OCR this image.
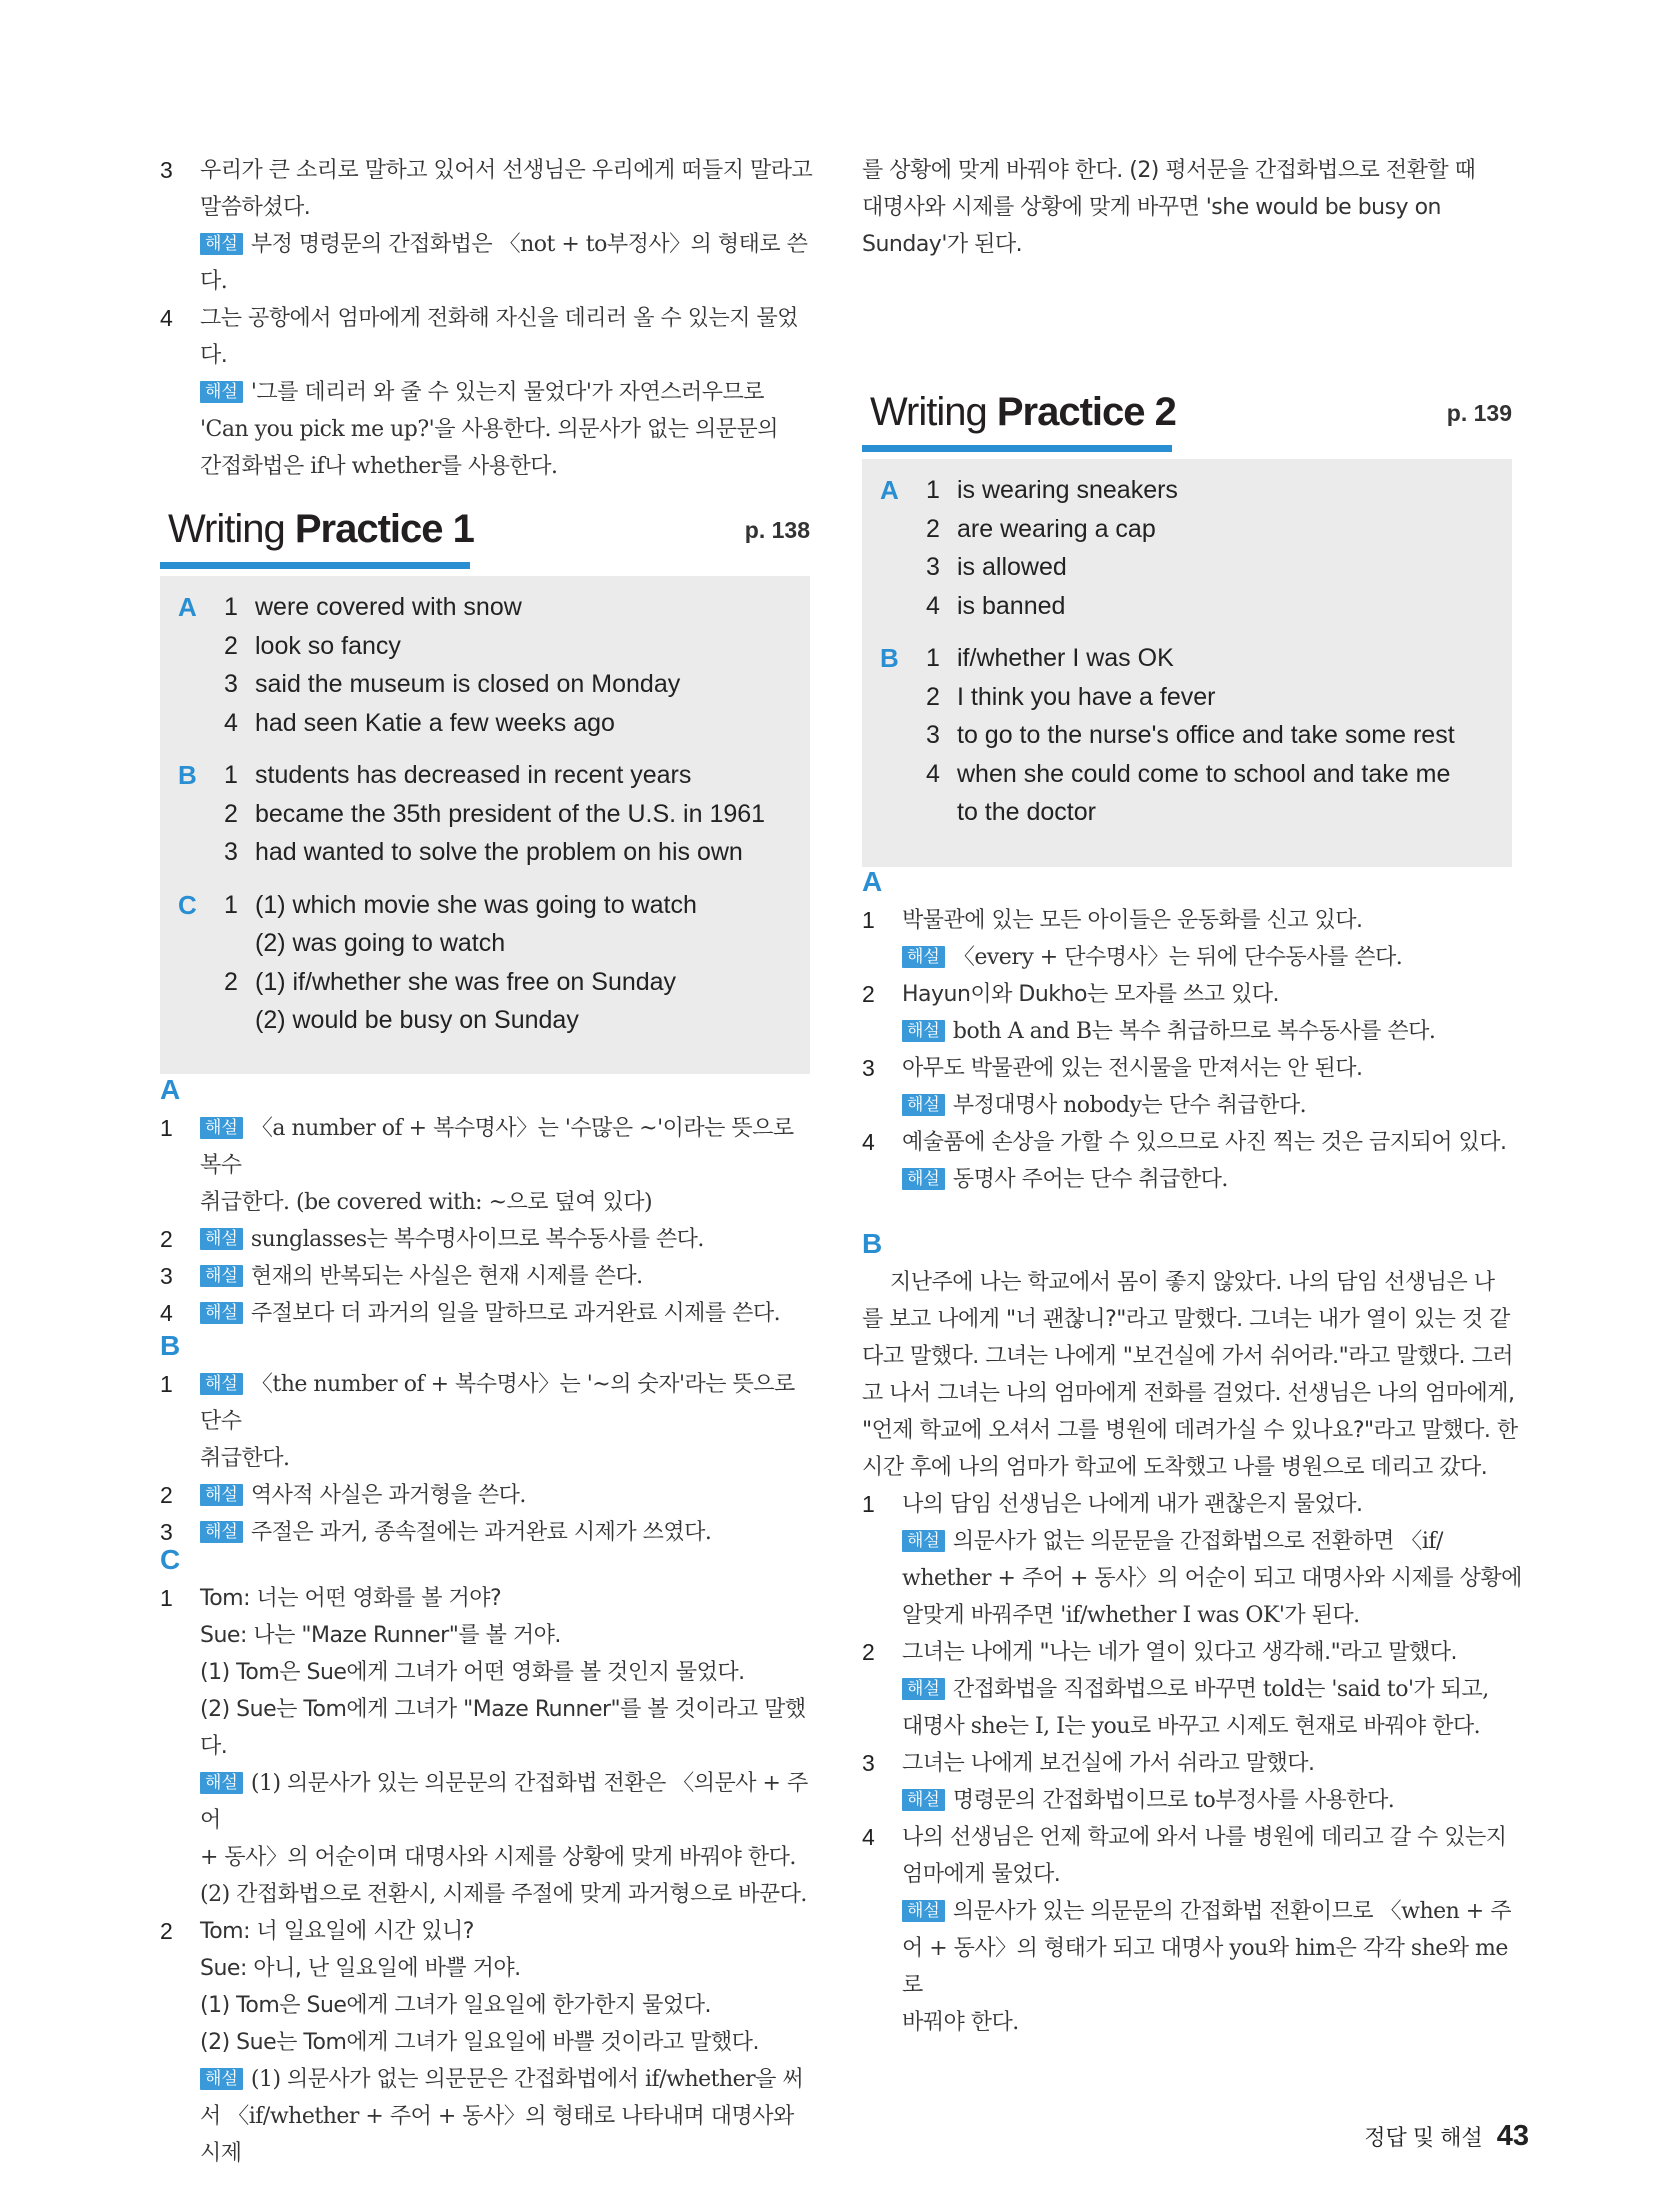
3 우리가 큰 소리로 말하고 있어서 선생님은 우리에게 떠들지 말라고
말씀하셨다.
해설 부정 명령문의 간접화법은 〈not + to부정사〉의 형태로 쓴다.
4 그는 공항에서 엄마에게 전화해 자신을 데리러 올 수 있는지 물었다.
해설 '그를 데리러 와 줄 수 있는지 물었다'가 자연스러우므로
'Can you pick me up?'을 사용한다. 의문사가 없는 의문문의
간접화법은 if나 whether를 사용한다.
Writing Practice 1	p. 138
A 1 were covered with snow
2 look so fancy
3 said the museum is closed on Monday
4 had seen Katie a few weeks ago
B 1 students has decreased in recent years
2 became the 35th president of the U.S. in 1961
3 had wanted to solve the problem on his own
C 1 (1) which movie she was going to watch
(2) was going to watch
2 (1) if/whether she was free on Sunday
(2) would be busy on Sunday
A
1 해설 〈a number of + 복수명사〉는 '수많은 ~'이라는 뜻으로 복수
취급한다. (be covered with: ~으로 덮여 있다)
2 해설 sunglasses는 복수명사이므로 복수동사를 쓴다.
3 해설 현재의 반복되는 사실은 현재 시제를 쓴다.
4 해설 주절보다 더 과거의 일을 말하므로 과거완료 시제를 쓴다.
B
1 해설 〈the number of + 복수명사〉는 '~의 숫자'라는 뜻으로 단수
취급한다.
2 해설 역사적 사실은 과거형을 쓴다.
3 해설 주절은 과거, 종속절에는 과거완료 시제가 쓰였다.
C
1 Tom: 너는 어떤 영화를 볼 거야?
Sue: 나는 "Maze Runner"를 볼 거야.
(1) Tom은 Sue에게 그녀가 어떤 영화를 볼 것인지 물었다.
(2) Sue는 Tom에게 그녀가 "Maze Runner"를 볼 것이라고 말했다.
해설 (1) 의문사가 있는 의문문의 간접화법 전환은 〈의문사 + 주어
+ 동사〉의 어순이며 대명사와 시제를 상황에 맞게 바꿔야 한다.
(2) 간접화법으로 전환시, 시제를 주절에 맞게 과거형으로 바꾼다.
2 Tom: 너 일요일에 시간 있니?
Sue: 아니, 난 일요일에 바쁠 거야.
(1) Tom은 Sue에게 그녀가 일요일에 한가한지 물었다.
(2) Sue는 Tom에게 그녀가 일요일에 바쁠 것이라고 말했다.
해설 (1) 의문사가 없는 의문문은 간접화법에서 if/whether을 써
서 〈if/whether + 주어 + 동사〉의 형태로 나타내며 대명사와 시제
를 상황에 맞게 바꿔야 한다. (2) 평서문을 간접화법으로 전환할 때
대명사와 시제를 상황에 맞게 바꾸면 'she would be busy on
Sunday'가 된다.
Writing Practice 2	p. 139
A 1 is wearing sneakers
2 are wearing a cap
3 is allowed
4 is banned
B 1 if/whether I was OK
2 I think you have a fever
3 to go to the nurse's office and take some rest
4 when she could come to school and take me
to the doctor
A
1 박물관에 있는 모든 아이들은 운동화를 신고 있다.
해설 〈every + 단수명사〉는 뒤에 단수동사를 쓴다.
2 Hayun이와 Dukho는 모자를 쓰고 있다.
해설 both A and B는 복수 취급하므로 복수동사를 쓴다.
3 아무도 박물관에 있는 전시물을 만져서는 안 된다.
해설 부정대명사 nobody는 단수 취급한다.
4 예술품에 손상을 가할 수 있으므로 사진 찍는 것은 금지되어 있다.
해설 동명사 주어는 단수 취급한다.
B
지난주에 나는 학교에서 몸이 좋지 않았다. 나의 담임 선생님은 나
를 보고 나에게 "너 괜찮니?"라고 말했다. 그녀는 내가 열이 있는 것 같
다고 말했다. 그녀는 나에게 "보건실에 가서 쉬어라."라고 말했다. 그러
고 나서 그녀는 나의 엄마에게 전화를 걸었다. 선생님은 나의 엄마에게,
"언제 학교에 오셔서 그를 병원에 데려가실 수 있나요?"라고 말했다. 한
시간 후에 나의 엄마가 학교에 도착했고 나를 병원으로 데리고 갔다.
1 나의 담임 선생님은 나에게 내가 괜찮은지 물었다.
해설 의문사가 없는 의문문을 간접화법으로 전환하면 〈if/
whether + 주어 + 동사〉의 어순이 되고 대명사와 시제를 상황에
알맞게 바꿔주면 'if/whether I was OK'가 된다.
2 그녀는 나에게 "나는 네가 열이 있다고 생각해."라고 말했다.
해설 간접화법을 직접화법으로 바꾸면 told는 'said to'가 되고,
대명사 she는 I, I는 you로 바꾸고 시제도 현재로 바꿔야 한다.
3 그녀는 나에게 보건실에 가서 쉬라고 말했다.
해설 명령문의 간접화법이므로 to부정사를 사용한다.
4 나의 선생님은 언제 학교에 와서 나를 병원에 데리고 갈 수 있는지
엄마에게 물었다.
해설 의문사가 있는 의문문의 간접화법 전환이므로 〈when + 주
어 + 동사〉의 형태가 되고 대명사 you와 him은 각각 she와 me로
바꿔야 한다.
정답 및 해설 43
